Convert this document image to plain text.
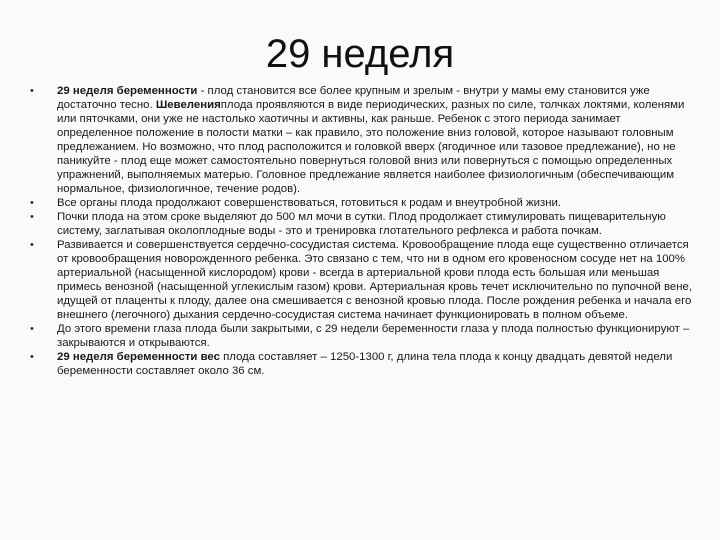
29 неделя
• 29 неделя беременности - плод становится все более крупным и зрелым - внутри у мамы ему становится уже достаточно тесно. Шевеленияплода проявляются в виде периодических, разных по силе, толчках локтями, коленями или пяточками, они уже не настолько хаотичны и активны, как раньше. Ребенок с этого периода занимает определенное положение в полости матки – как правило, это положение вниз головой, которое называют головным предлежанием. Но возможно, что плод расположится и головкой вверх (ягодичное или тазовое предлежание), но не паникуйте - плод еще может самостоятельно повернуться головой вниз или повернуться с помощью определенных упражнений, выполняемых матерью. Головное предлежание является наиболее физиологичным (обеспечивающим нормальное, физиологичное, течение родов).
• Все органы плода продолжают совершенствоваться, готовиться к родам и внеутробной жизни.
• Почки плода на этом сроке выделяют до 500 мл мочи в сутки. Плод продолжает стимулировать пищеварительную систему, заглатывая околоплодные воды - это и тренировка глотательного рефлекса и работа почкам.
• Развивается и совершенствуется сердечно-сосудистая система. Кровообращение плода еще существенно отличается от кровообращения новорожденного ребенка. Это связано с тем, что ни в одном его кровеносном сосуде нет на 100% артериальной (насыщенной кислородом) крови - всегда в артериальной крови плода есть большая или меньшая примесь венозной (насыщенной углекислым газом) крови. Артериальная кровь течет исключительно по пупочной вене, идущей от плаценты к плоду, далее она смешивается с венозной кровью плода. После рождения ребенка и начала его внешнего (легочного) дыхания сердечно-сосудистая система начинает функционировать в полном объеме.
• До этого времени глаза плода были закрытыми, с 29 недели беременности глаза у плода полностью функционируют – закрываются и открываются.
• 29 неделя беременности вес плода составляет – 1250-1300 г, длина тела плода к концу двадцать девятой недели беременности составляет около 36 см.
